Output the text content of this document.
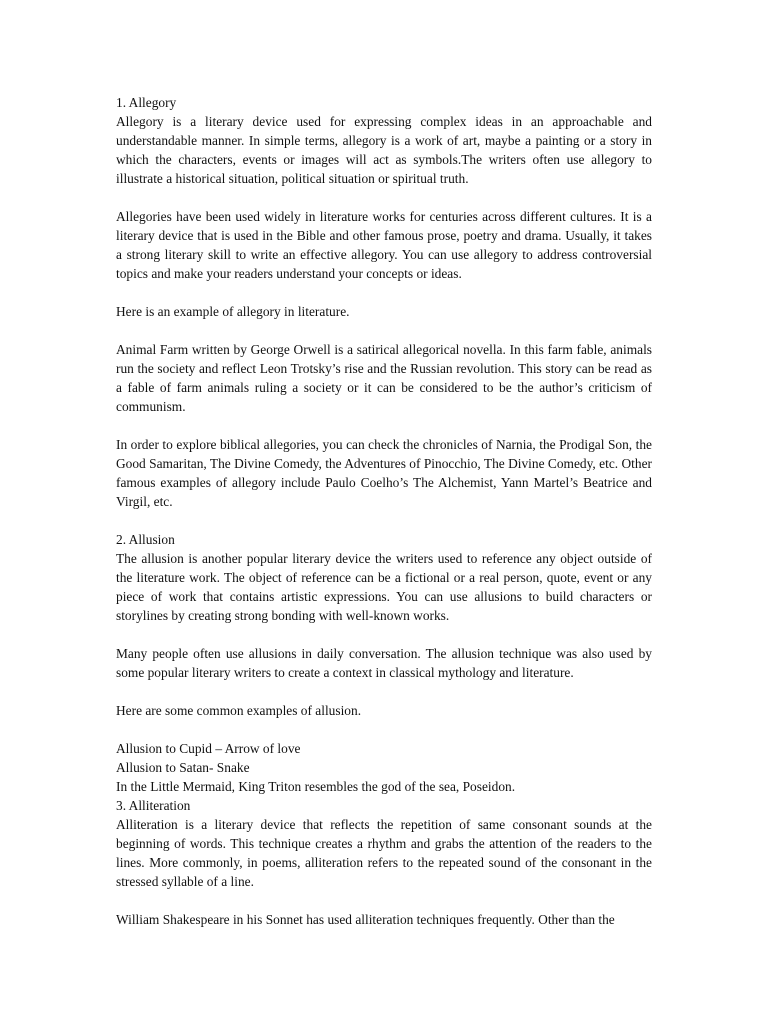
1. Allegory

Allegory is a literary device used for expressing complex ideas in an approachable and understandable manner. In simple terms, allegory is a work of art, maybe a painting or a story in which the characters, events or images will act as symbols.The writers often use allegory to illustrate a historical situation, political situation or spiritual truth.

Allegories have been used widely in literature works for centuries across different cultures. It is a literary device that is used in the Bible and other famous prose, poetry and drama. Usually, it takes a strong literary skill to write an effective allegory. You can use allegory to address controversial topics and make your readers understand your concepts or ideas.

Here is an example of allegory in literature.

Animal Farm written by George Orwell is a satirical allegorical novella. In this farm fable, animals run the society and reflect Leon Trotsky’s rise and the Russian revolution. This story can be read as a fable of farm animals ruling a society or it can be considered to be the author’s criticism of communism.

In order to explore biblical allegories, you can check the chronicles of Narnia, the Prodigal Son, the Good Samaritan, The Divine Comedy, the Adventures of Pinocchio, The Divine Comedy, etc. Other famous examples of allegory include Paulo Coelho’s The Alchemist, Yann Martel’s Beatrice and Virgil, etc.

2. Allusion

The allusion is another popular literary device the writers used to reference any object outside of the literature work. The object of reference can be a fictional or a real person, quote, event or any piece of work that contains artistic expressions. You can use allusions to build characters or storylines by creating strong bonding with well-known works.

Many people often use allusions in daily conversation. The allusion technique was also used by some popular literary writers to create a context in classical mythology and literature.

Here are some common examples of allusion.

Allusion to Cupid – Arrow of love
Allusion to Satan- Snake
In the Little Mermaid, King Triton resembles the god of the sea, Poseidon.
3. Alliteration

Alliteration is a literary device that reflects the repetition of same consonant sounds at the beginning of words. This technique creates a rhythm and grabs the attention of the readers to the lines. More commonly, in poems, alliteration refers to the repeated sound of the consonant in the stressed syllable of a line.

William Shakespeare in his Sonnet has used alliteration techniques frequently. Other than the
